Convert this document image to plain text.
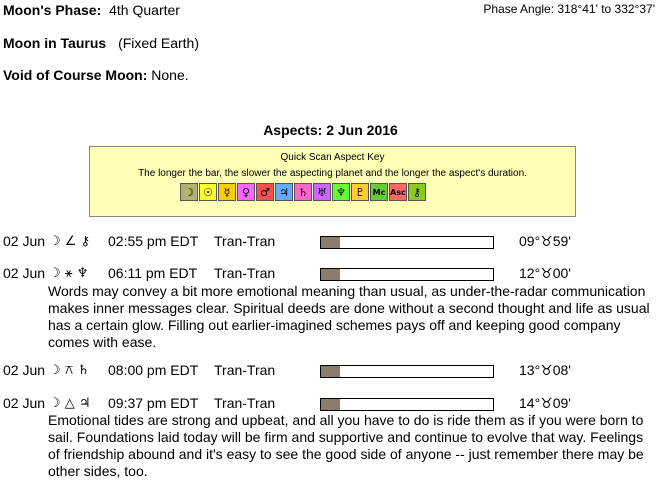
Moon's Phase: 4th Quarter	Phase Angle: 318°41' to 332°37'
Moon in Taurus (Fixed Earth)
Void of Course Moon: None.
Aspects: 2 Jun 2016
Quick Scan Aspect Key
The longer the bar, the slower the aspecting planet and the longer the aspect's duration.
☽ ☉ ☿	♀ ♂ ♃ ♄ ♅ ♆ ♇ Mc Asc ⚷
02 Jun ☽ ∠ ⚷ 02:55 pm EDT Tran-Tran	09°♉59'
02 Jun ☽ ⚹ ♆ 06:11 pm EDT Tran-Tran	12°♉00'
Words may convey a bit more emotional meaning than usual, as under-the-radar communication makes inner messages clear. Spiritual deeds are done without a second thought and life as usual has a certain glow. Filling out earlier-imagined schemes pays off and keeping good company comes with ease.
02 Jun ☽ ⚻ ♄ 08:00 pm EDT Tran-Tran	13°♉08'
02 Jun ☽ △ ♃ 09:37 pm EDT Tran-Tran	14°♉09'
Emotional tides are strong and upbeat, and all you have to do is ride them as if you were born to sail. Foundations laid today will be firm and supportive and continue to evolve that way. Feelings of friendship abound and it's easy to see the good side of anyone -- just remember there may be other sides, too.
